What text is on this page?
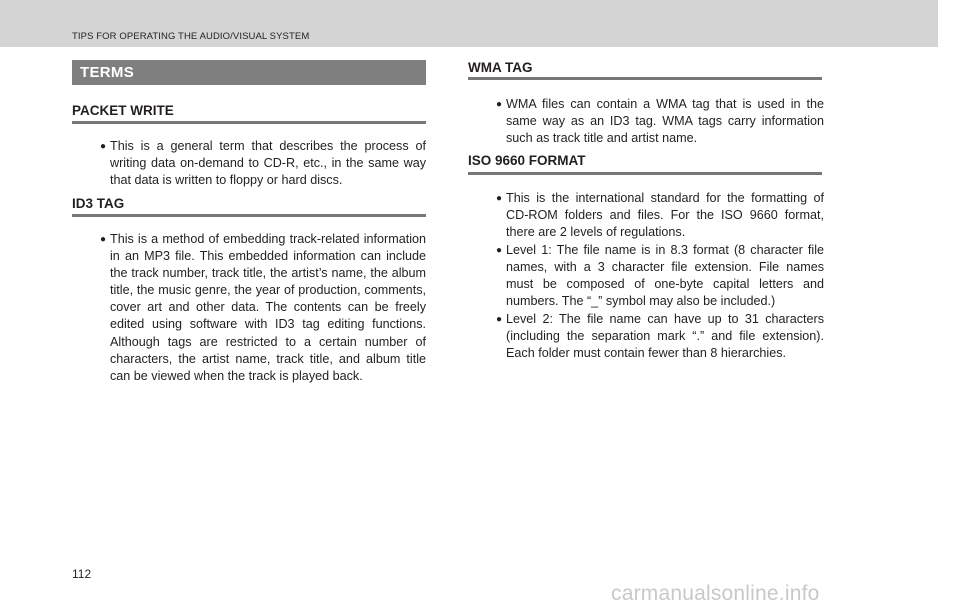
TIPS FOR OPERATING THE AUDIO/VISUAL SYSTEM
TERMS
PACKET WRITE
● This is a general term that describes the process of writing data on-demand to CD-R, etc., in the same way that data is written to floppy or hard discs.
ID3 TAG
● This is a method of embedding track-related information in an MP3 file. This embedded information can include the track number, track title, the artist’s name, the album title, the music genre, the year of production, comments, cover art and other data. The contents can be freely edited using software with ID3 tag editing functions. Although tags are restricted to a certain number of characters, the artist name, track title, and album title can be viewed when the track is played back.
WMA TAG
● WMA files can contain a WMA tag that is used in the same way as an ID3 tag. WMA tags carry information such as track title and artist name.
ISO 9660 FORMAT
● This is the international standard for the formatting of CD-ROM folders and files. For the ISO 9660 format, there are 2 levels of regulations.
● Level 1: The file name is in 8.3 format (8 character file names, with a 3 character file extension. File names must be composed of one-byte capital letters and numbers. The “_” symbol may also be included.)
● Level 2: The file name can have up to 31 characters (including the separation mark “.” and file extension). Each folder must contain fewer than 8 hierarchies.
112
carmanualsonline.info
